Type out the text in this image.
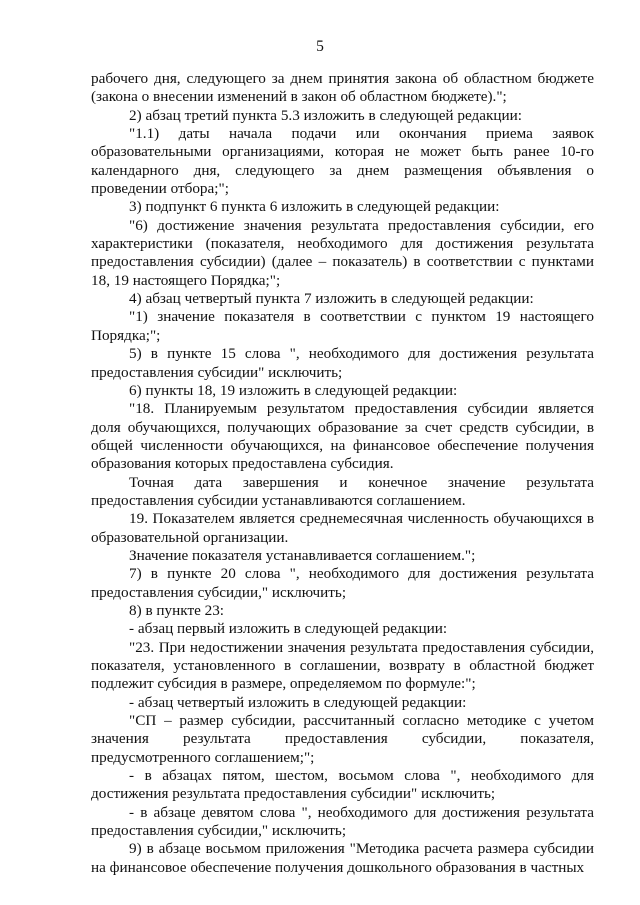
5

рабочего дня, следующего за днем принятия закона об областном бюджете (закона о внесении изменений в закон об областном бюджете).";

2) абзац третий пункта 5.3 изложить в следующей редакции:

"1.1) даты начала подачи или окончания приема заявок образовательными организациями, которая не может быть ранее 10-го календарного дня, следующего за днем размещения объявления о проведении отбора;";

3) подпункт 6 пункта 6 изложить в следующей редакции:

"6) достижение значения результата предоставления субсидии, его характеристики (показателя, необходимого для достижения результата предоставления субсидии) (далее – показатель) в соответствии с пунктами 18, 19 настоящего Порядка;";

4) абзац четвертый пункта 7 изложить в следующей редакции:

"1) значение показателя в соответствии с пунктом 19 настоящего Порядка;";

5) в пункте 15 слова ", необходимого для достижения результата предоставления субсидии" исключить;

6) пункты 18, 19 изложить в следующей редакции:

"18. Планируемым результатом предоставления субсидии является доля обучающихся, получающих образование за счет средств субсидии, в общей численности обучающихся, на финансовое обеспечение получения образования которых предоставлена субсидия.

Точная дата завершения и конечное значение результата предоставления субсидии устанавливаются соглашением.

19. Показателем является среднемесячная численность обучающихся в образовательной организации.

Значение показателя устанавливается соглашением.";

7) в пункте 20 слова ", необходимого для достижения результата предоставления субсидии," исключить;

8) в пункте 23:

- абзац первый изложить в следующей редакции:

"23. При недостижении значения результата предоставления субсидии, показателя, установленного в соглашении, возврату в областной бюджет подлежит субсидия в размере, определяемом по формуле:";

- абзац четвертый изложить в следующей редакции:

"СП – размер субсидии, рассчитанный согласно методике с учетом значения результата предоставления субсидии, показателя, предусмотренного соглашением;";

- в абзацах пятом, шестом, восьмом слова ", необходимого для достижения результата предоставления субсидии" исключить;

- в абзаце девятом слова ", необходимого для достижения результата предоставления субсидии," исключить;

9) в абзаце восьмом приложения "Методика расчета размера субсидии на финансовое обеспечение получения дошкольного образования в частных
